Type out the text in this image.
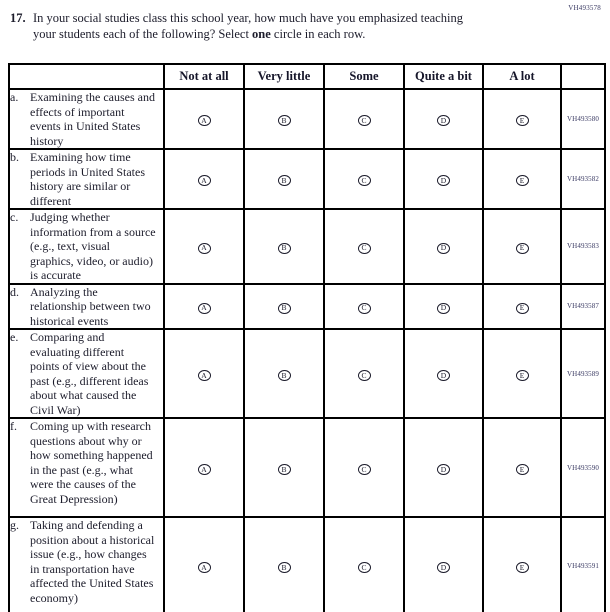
VH493578
17. In your social studies class this school year, how much have you emphasized teaching your students each of the following? Select one circle in each row.
	Not at all	Very little	Some	Quite a bit	A lot	

a. Examining the causes and effects of important events in United States history	A	B	C	D	E	VH493580

b. Examining how time periods in United States history are similar or different	A	B	C	D	E	VH493582

c. Judging whether information from a source (e.g., text, visual graphics, video, or audio) is accurate	A	B	C	D	E	VH493583

d. Analyzing the relationship between two historical events	A	B	C	D	E	VH493587

e. Comparing and evaluating different points of view about the past (e.g., different ideas about what caused the Civil War)	A	B	C	D	E	VH493589

f. Coming up with research questions about why or how something happened in the past (e.g., what were the causes of the Great Depression)	A	B	C	D	E	VH493590

g. Taking and defending a position about a historical issue (e.g., how changes in transportation have affected the United States economy)	A	B	C	D	E	VH493591
